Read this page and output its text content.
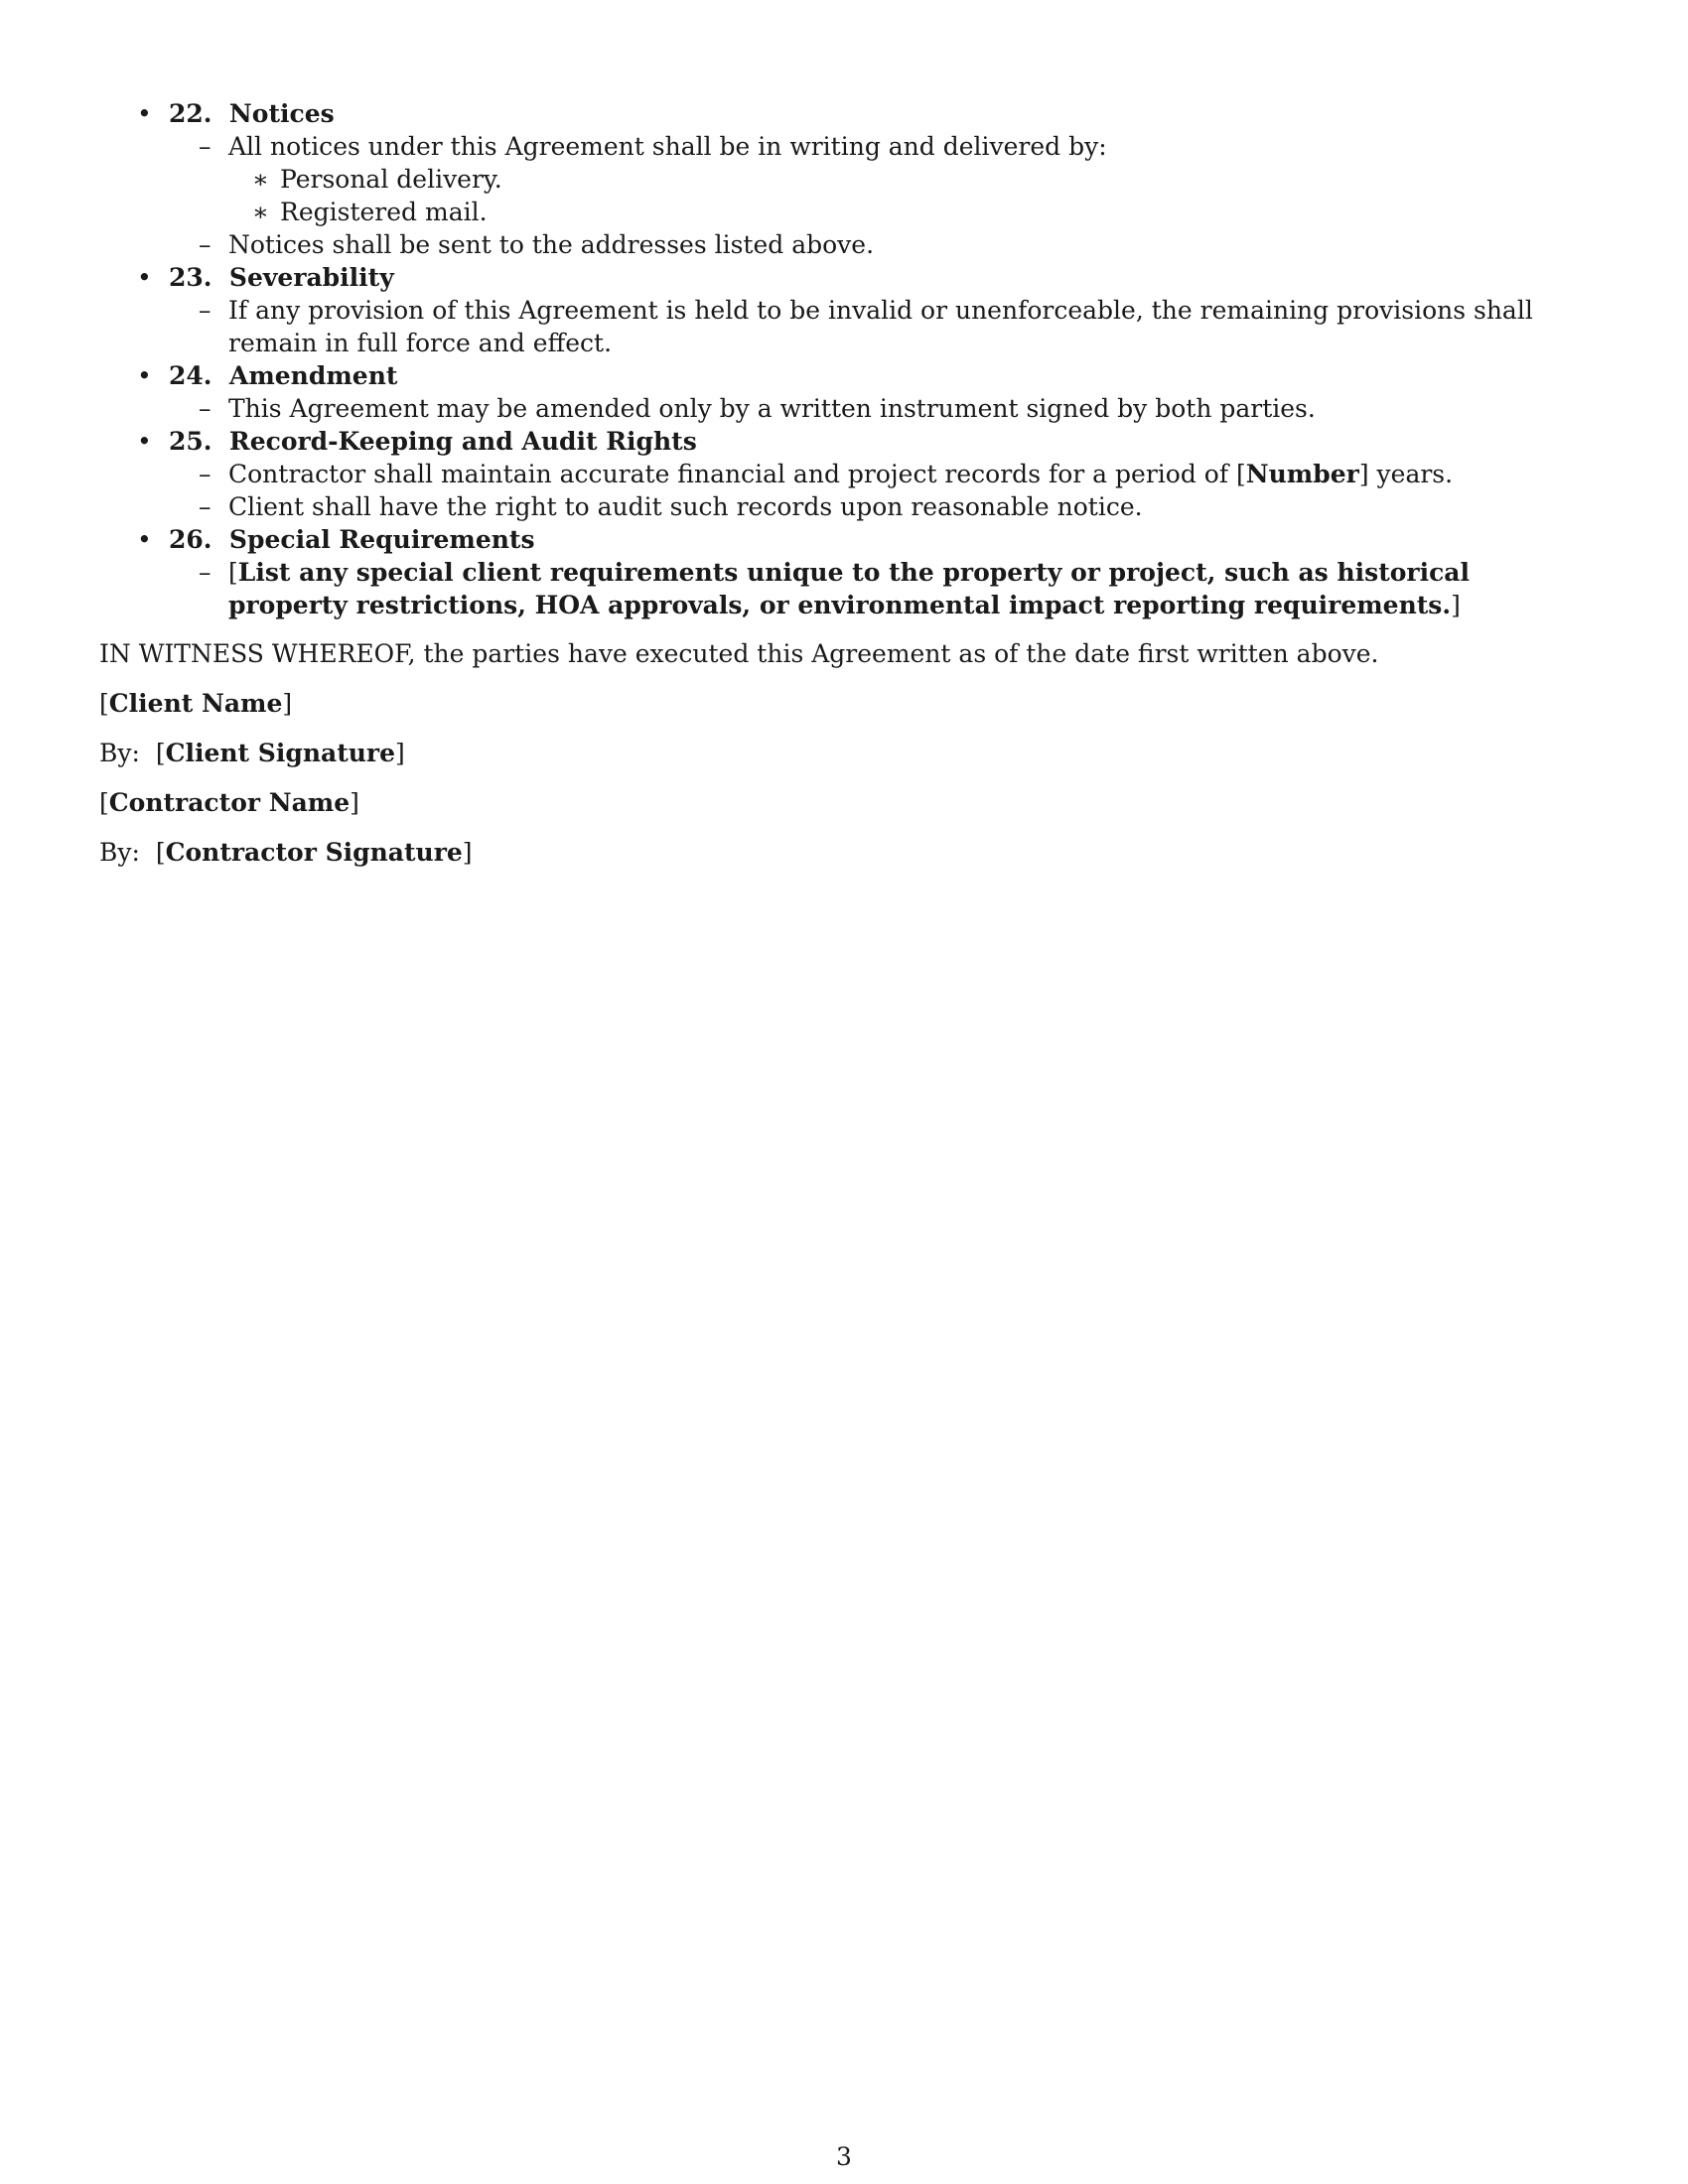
• 22. Notices
– All notices under this Agreement shall be in writing and delivered by:
∗ Personal delivery.
∗ Registered mail.
– Notices shall be sent to the addresses listed above.
• 23. Severability
– If any provision of this Agreement is held to be invalid or unenforceable, the remaining provisions shall remain in full force and effect.
• 24. Amendment
– This Agreement may be amended only by a written instrument signed by both parties.
• 25. Record-Keeping and Audit Rights
– Contractor shall maintain accurate financial and project records for a period of [Number] years.
– Client shall have the right to audit such records upon reasonable notice.
• 26. Special Requirements
– [List any special client requirements unique to the property or project, such as historical property restrictions, HOA approvals, or environmental impact reporting requirements.]
IN WITNESS WHEREOF, the parties have executed this Agreement as of the date first written above.
[Client Name]
By:  [Client Signature]
[Contractor Name]
By:  [Contractor Signature]
3
